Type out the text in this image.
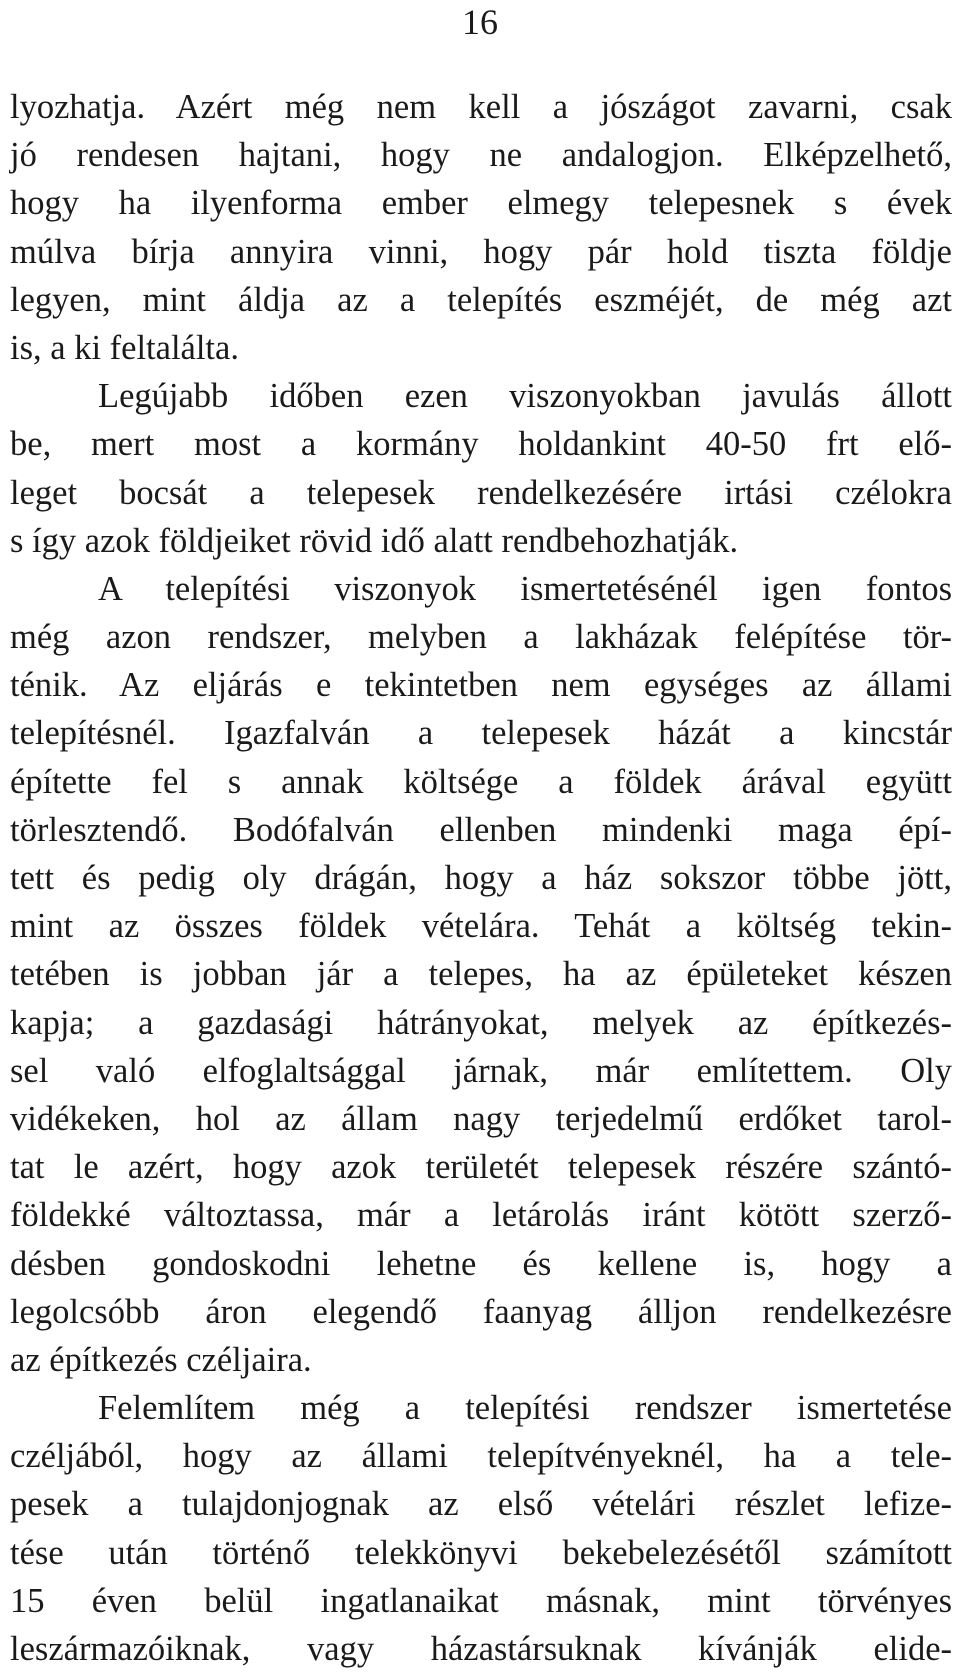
16
lyozhatja. Azért még nem kell a jószágot zavarni, csak
jó rendesen hajtani, hogy ne andalogjon. Elképzelhető,
hogy ha ilyenforma ember elmegy telepesnek s évek
múlva bírja annyira vinni, hogy pár hold tiszta földje
legyen, mint áldja az a telepítés eszméjét, de még azt
is, a ki feltalálta.
Legújabb időben ezen viszonyokban javulás állott
be, mert most a kormány holdankint 40-50 frt elő-
leget bocsát a telepesek rendelkezésére irtási czélokra
s így azok földjeiket rövid idő alatt rendbehozhatják.
A telepítési viszonyok ismertetésénél igen fontos
még azon rendszer, melyben a lakházak felépítése tör-
ténik. Az eljárás e tekintetben nem egységes az állami
telepítésnél. Igazfalván a telepesek házát a kincstár
építette fel s annak költsége a földek árával együtt
törlesztendő. Bodófalván ellenben mindenki maga épí-
tett és pedig oly drágán, hogy a ház sokszor többe jött,
mint az összes földek vételára. Tehát a költség tekin-
tetében is jobban jár a telepes, ha az épületeket készen
kapja; a gazdasági hátrányokat, melyek az építkezés-
sel való elfoglaltsággal járnak, már említettem. Oly
vidékeken, hol az állam nagy terjedelmű erdőket tarol-
tat le azért, hogy azok területét telepesek részére szántó-
földekké változtassa, már a letárolás iránt kötött szerző-
désben gondoskodni lehetne és kellene is, hogy a
legolcsóbb áron elegendő faanyag álljon rendelkezésre
az építkezés czéljaira.
Felemlítem még a telepítési rendszer ismertetése
czéljából, hogy az állami telepítvényeknél, ha a tele-
pesek a tulajdonjognak az első vételári részlet lefize-
tése után történő telekkönyvi bekebelezésétől számított
15 éven belül ingatlanaikat másnak, mint törvényes
leszármazóiknak, vagy házastársuknak kívánják elide-
